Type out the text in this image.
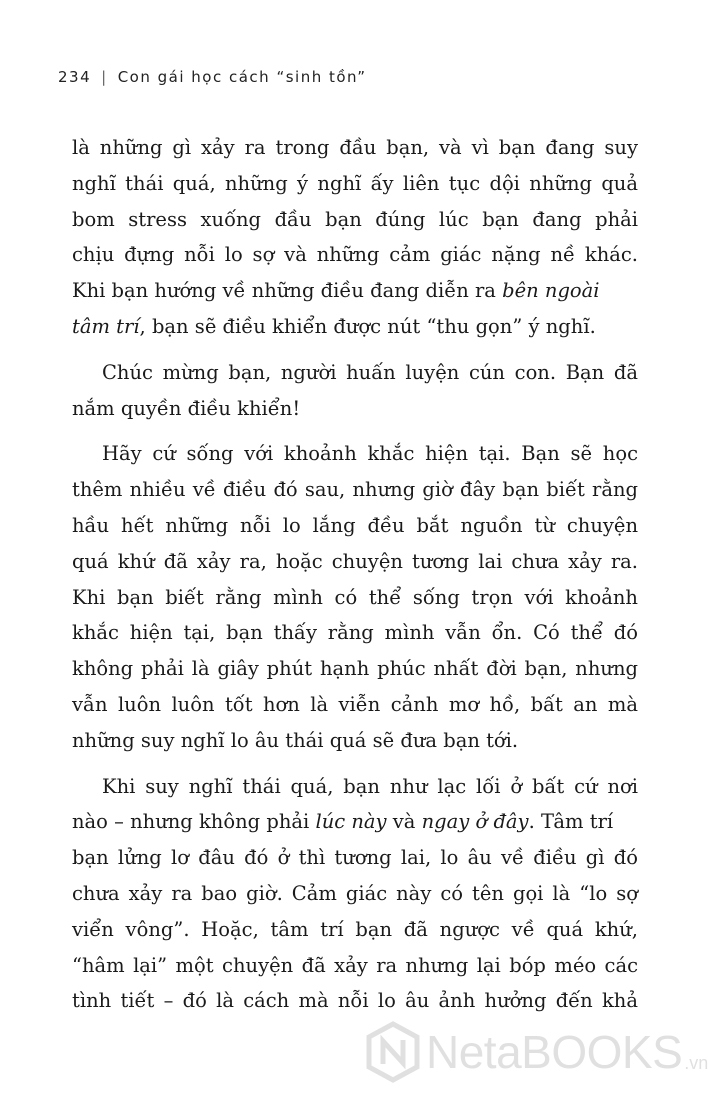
234 | Con gái học cách “sinh tồn”
là những gì xảy ra trong đầu bạn, và vì bạn đang suy
nghĩ thái quá, những ý nghĩ ấy liên tục dội những quả
bom stress xuống đầu bạn đúng lúc bạn đang phải
chịu đựng nỗi lo sợ và những cảm giác nặng nề khác.
Khi bạn hướng về những điều đang diễn ra bên ngoài
tâm trí, bạn sẽ điều khiển được nút “thu gọn” ý nghĩ.
Chúc mừng bạn, người huấn luyện cún con. Bạn đã
nắm quyền điều khiển!
Hãy cứ sống với khoảnh khắc hiện tại. Bạn sẽ học
thêm nhiều về điều đó sau, nhưng giờ đây bạn biết rằng
hầu hết những nỗi lo lắng đều bắt nguồn từ chuyện
quá khứ đã xảy ra, hoặc chuyện tương lai chưa xảy ra.
Khi bạn biết rằng mình có thể sống trọn với khoảnh
khắc hiện tại, bạn thấy rằng mình vẫn ổn. Có thể đó
không phải là giây phút hạnh phúc nhất đời bạn, nhưng
vẫn luôn luôn tốt hơn là viễn cảnh mơ hồ, bất an mà
những suy nghĩ lo âu thái quá sẽ đưa bạn tới.
Khi suy nghĩ thái quá, bạn như lạc lối ở bất cứ nơi
nào – nhưng không phải lúc này và ngay ở đây. Tâm trí
bạn lửng lơ đâu đó ở thì tương lai, lo âu về điều gì đó
chưa xảy ra bao giờ. Cảm giác này có tên gọi là “lo sợ
viển vông”. Hoặc, tâm trí bạn đã ngược về quá khứ,
“hâm lại” một chuyện đã xảy ra nhưng lại bóp méo các
tình tiết – đó là cách mà nỗi lo âu ảnh hưởng đến khả
NetaBOOKS .vn
